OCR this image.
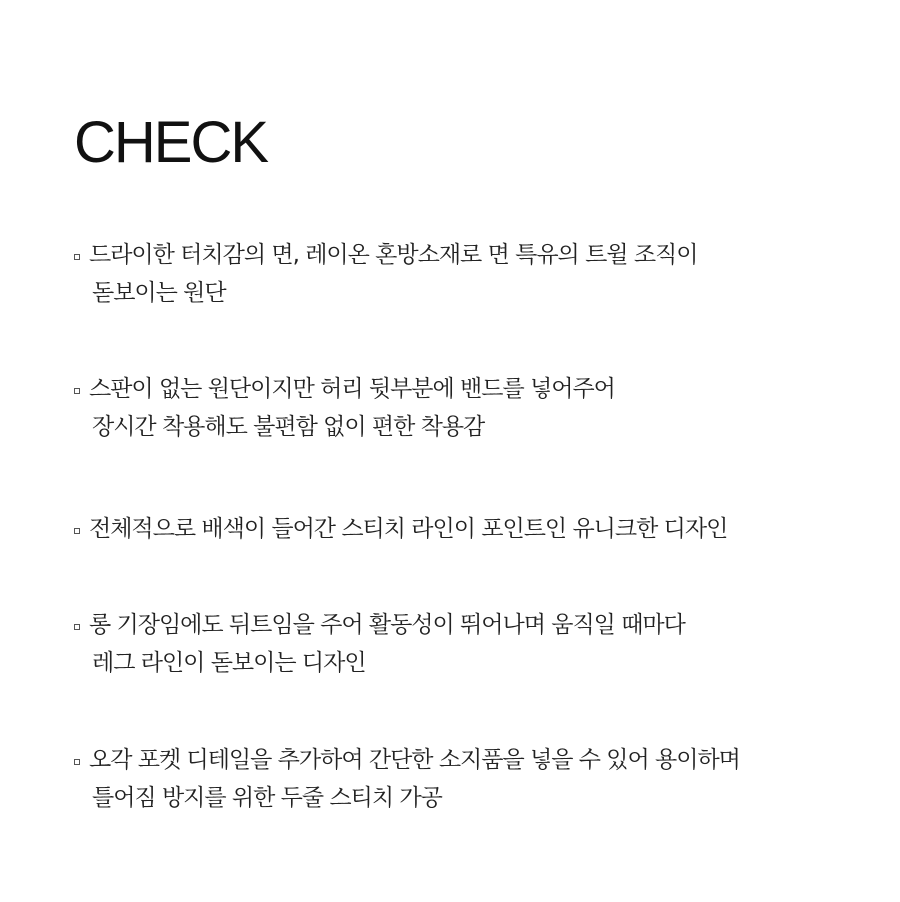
CHECK
드라이한 터치감의 면, 레이온 혼방소재로 면 특유의 트윌 조직이
돋보이는 원단
스판이 없는 원단이지만 허리 뒷부분에 밴드를 넣어주어
장시간 착용해도 불편함 없이 편한 착용감
전체적으로 배색이 들어간 스티치 라인이 포인트인 유니크한 디자인
롱 기장임에도 뒤트임을 주어 활동성이 뛰어나며 움직일 때마다
레그 라인이 돋보이는 디자인
오각 포켓 디테일을 추가하여 간단한 소지품을 넣을 수 있어 용이하며
틀어짐 방지를 위한 두줄 스티치 가공
